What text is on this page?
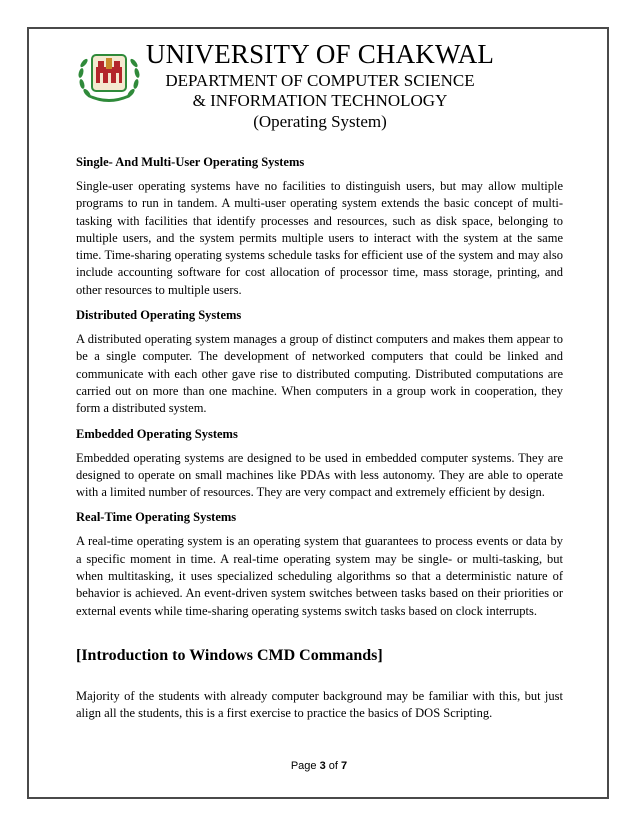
UNIVERSITY OF CHAKWAL
DEPARTMENT OF COMPUTER SCIENCE
& INFORMATION TECHNOLOGY
(Operating System)
Single- And Multi-User Operating Systems

Single-user operating systems have no facilities to distinguish users, but may allow multiple programs to run in tandem. A multi-user operating system extends the basic concept of multi-tasking with facilities that identify processes and resources, such as disk space, belonging to multiple users, and the system permits multiple users to interact with the system at the same time. Time-sharing operating systems schedule tasks for efficient use of the system and may also include accounting software for cost allocation of processor time, mass storage, printing, and other resources to multiple users.

Distributed Operating Systems

A distributed operating system manages a group of distinct computers and makes them appear to be a single computer. The development of networked computers that could be linked and communicate with each other gave rise to distributed computing. Distributed computations are carried out on more than one machine. When computers in a group work in cooperation, they form a distributed system.

Embedded Operating Systems

Embedded operating systems are designed to be used in embedded computer systems. They are designed to operate on small machines like PDAs with less autonomy. They are able to operate with a limited number of resources. They are very compact and extremely efficient by design.

Real-Time Operating Systems

A real-time operating system is an operating system that guarantees to process events or data by a specific moment in time. A real-time operating system may be single- or multi-tasking, but when multitasking, it uses specialized scheduling algorithms so that a deterministic nature of behavior is achieved. An event-driven system switches between tasks based on their priorities or external events while time-sharing operating systems switch tasks based on clock interrupts.

[Introduction to Windows CMD Commands]

Majority of the students with already computer background may be familiar with this, but just align all the students, this is a first exercise to practice the basics of DOS Scripting.

Page 3 of 7
